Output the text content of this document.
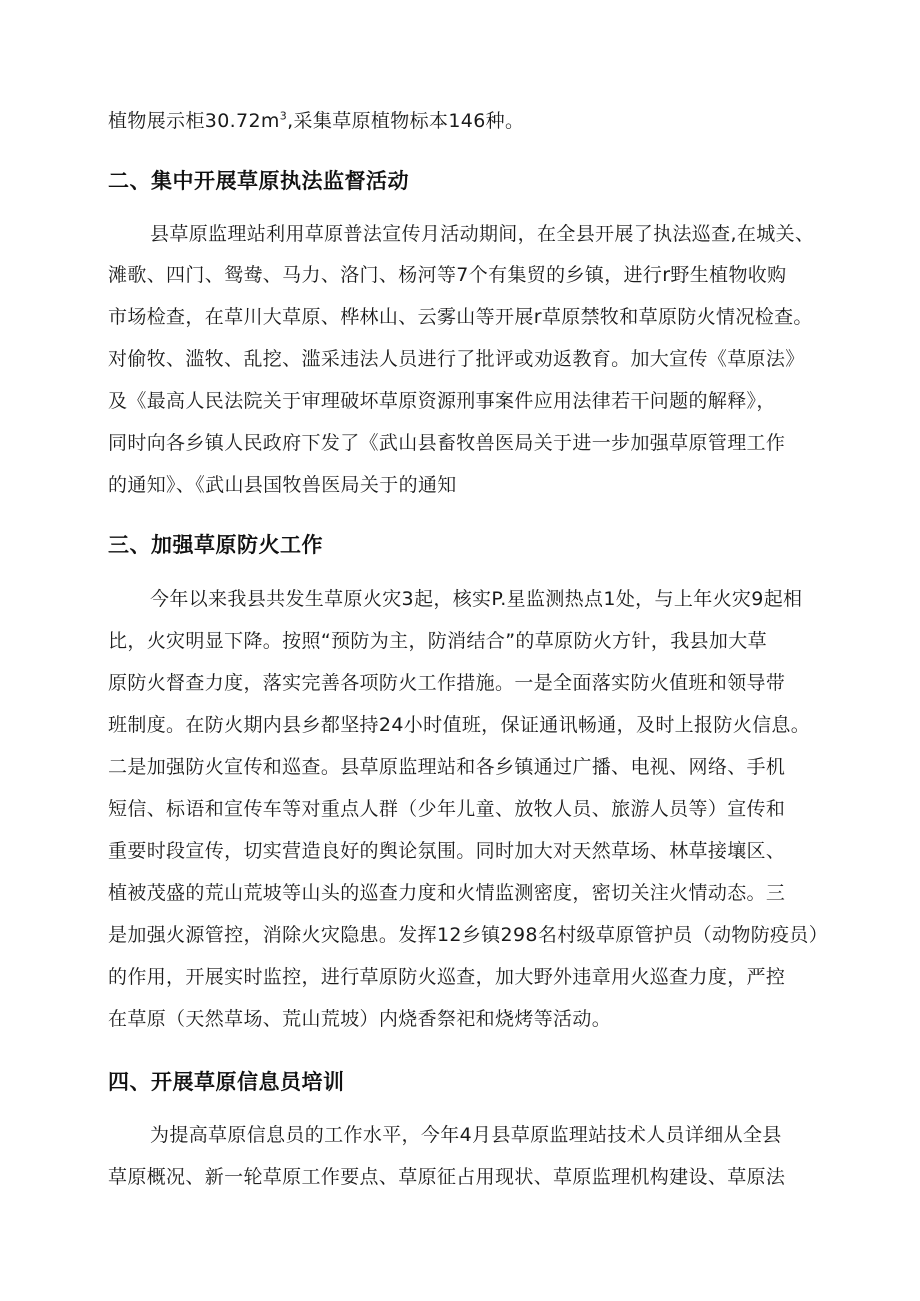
植物展示柜$30.72m^3$,采集草原植物标本146种。
二、集中开展草原执法监督活动
县草原监理站利用草原普法宣传月活动期间，在全县开展了执法巡查,在城关、
滩歌、四门、鸳鸯、马力、洛门、杨河等7个有集贸的乡镇，进行r野生植物收购
市场检查，在草川大草原、桦林山、云雾山等开展r草原禁牧和草原防火情况检查。
对偷牧、滥牧、乱挖、滥采违法人员进行了批评或劝返教育。加大宣传《草原法》
及《最高人民法院关于审理破坏草原资源刑事案件应用法律若干问题的解释》，
同时向各乡镇人民政府下发了《武山县畜牧兽医局关于进一步加强草原管理工作
的通知》、《武山县国牧兽医局关于的通知
三、加强草原防火工作
今年以来我县共发生草原火灾3起，核实P.星监测热点1处，与上年火灾9起相
比，火灾明显下降。按照“预防为主，防消结合”的草原防火方针，我县加大草
原防火督查力度，落实完善各项防火工作措施。一是全面落实防火值班和领导带
班制度。在防火期内县乡都坚持24小时值班，保证通讯畅通，及时上报防火信息。
二是加强防火宣传和巡查。县草原监理站和各乡镇通过广播、电视、网络、手机
短信、标语和宣传车等对重点人群（少年儿童、放牧人员、旅游人员等）宣传和
重要时段宣传，切实营造良好的舆论氛围。同时加大对天然草场、林草接壤区、
植被茂盛的荒山荒坡等山头的巡查力度和火情监测密度，密切关注火情动态。三
是加强火源管控，消除火灾隐患。发挥12乡镇298名村级草原管护员（动物防疫员）
的作用，开展实时监控，进行草原防火巡查，加大野外违章用火巡查力度，严控
在草原（天然草场、荒山荒坡）内烧香祭祀和烧烤等活动。
四、开展草原信息员培训
为提高草原信息员的工作水平，今年4月县草原监理站技术人员详细从全县
草原概况、新一轮草原工作要点、草原征占用现状、草原监理机构建设、草原法
